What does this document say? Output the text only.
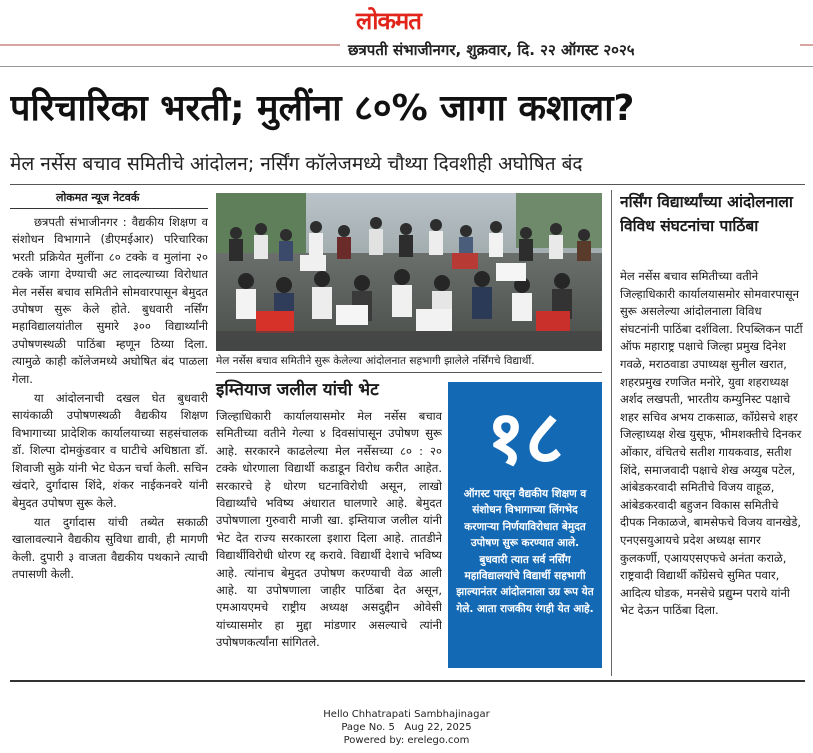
लोकमत
छत्रपती संभाजीनगर, शुक्रवार, दि. २२ ऑगस्ट २०२५
परिचारिका भरती; मुलींना ८०% जागा कशाला?
मेल नर्सेस बचाव समितीचे आंदोलन; नर्सिंग कॉलेजमध्ये चौथ्या दिवशीही अघोषित बंद
लोकमत न्यूज नेटवर्क

छत्रपती संभाजीनगर : वैद्यकीय शिक्षण व संशोधन विभागाने (डीएमईआर) परिचारिका भरती प्रक्रियेत मुलींना ८० टक्के व मुलांना २० टक्के जागा देण्याची अट लादल्याच्या विरोधात मेल नर्सेस बचाव समितीने सोमवारपासून बेमुदत उपोषण सुरू केले होते. बुधवारी नर्सिंग महाविद्यालयांतील सुमारे ३०० विद्यार्थ्यांनी उपोषणस्थळी पाठिंबा म्हणून ठिय्या दिला. त्यामुळे काही कॉलेजमध्ये अघोषित बंद पाळला गेला.

या आंदोलनाची दखल घेत बुधवारी सायंकाळी उपोषणस्थळी वैद्यकीय शिक्षण विभागाच्या प्रादेशिक कार्यालयाच्या सहसंचालक डॉ. शिल्पा दोमकुंडवार व घाटीचे अधिष्ठाता डॉ. शिवाजी सुक्रे यांनी भेट घेऊन चर्चा केली. सचिन खंदारे, दुर्गादास शिंदे, शंकर नाईकनवरे यांनी बेमुदत उपोषण सुरू केले.

यात दुर्गादास यांची तब्येत सकाळी खालावल्याने वैद्यकीय सुविधा द्यावी, ही मागणी केली. दुपारी ३ वाजता वैद्यकीय पथकाने त्याची तपासणी केली.

मेल नर्सेस बचाव समितीने सुरू केलेल्या आंदोलनात सहभागी झालेले नर्सिंगचे विद्यार्थी.
इम्तियाज जलील यांची भेट

जिल्हाधिकारी कार्यालयासमोर मेल नर्सेस बचाव समितीच्या वतीने गेल्या ४ दिवसांपासून उपोषण सुरू आहे. सरकारने काढलेल्या मेल नर्सेसच्या ८० : २० टक्के धोरणाला विद्यार्थी कडाडून विरोध करीत आहेत. सरकारचे हे धोरण घटनाविरोधी असून, लाखो विद्यार्थ्यांचे भविष्य अंधारात घालणारे आहे. बेमुदत उपोषणाला गुरुवारी माजी खा. इम्तियाज जलील यांनी भेट देत राज्य सरकारला इशारा दिला आहे. तातडीने विद्यार्थीविरोधी धोरण रद्द करावे. विद्यार्थी देशाचे भविष्य आहे. त्यांनाच बेमुदत उपोषण करण्याची वेळ आली आहे. या उपोषणाला जाहीर पाठिंबा देत असून, एमआयएमचे राष्ट्रीय अध्यक्ष असदुद्दीन ओवेसी यांच्यासमोर हा मुद्दा मांडणार असल्याचे त्यांनी उपोषणकर्त्यांना सांगितले.

१८
ऑगस्ट पासून वैद्यकीय शिक्षण व संशोधन विभागाच्या लिंगभेद करणाऱ्या निर्णयाविरोधात बेमुदत उपोषण सुरू करण्यात आले. बुधवारी त्यात सर्व नर्सिंग महाविद्यालयांचे विद्यार्थी सहभागी झाल्यानंतर आंदोलनाला उग्र रूप येत गेले. आता राजकीय रंगही येत आहे.
नर्सिंग विद्यार्थ्यांच्या आंदोलनाला विविध संघटनांचा पाठिंबा

मेल नर्सेस बचाव समितीच्या वतीने जिल्हाधिकारी कार्यालयासमोर सोमवारपासून सुरू असलेल्या आंदोलनाला विविध संघटनांनी पाठिंबा दर्शविला. रिपब्लिकन पार्टी ऑफ महाराष्ट्र पक्षाचे जिल्हा प्रमुख दिनेश गवळे, मराठवाडा उपाध्यक्ष सुनील खरात, शहरप्रमुख रणजित मनोरे, युवा शहराध्यक्ष अर्शद लखपती, भारतीय कम्युनिस्ट पक्षाचे शहर सचिव अभय टाकसाळ, काँग्रेसचे शहर जिल्हाध्यक्ष शेख युसूफ, भीमशक्तीचे दिनकर ओंकार, वंचितचे सतीश गायकवाड, सतीश शिंदे, समाजवादी पक्षाचे शेख अय्युब पटेल, आंबेडकरवादी समितीचे विजय वाहूळ, आंबेडकरवादी बहुजन विकास समितीचे दीपक निकाळजे, बामसेफचे विजय वानखेडे, एनएसयुआयचे प्रदेश अध्यक्ष सागर कुलकर्णी, एआयएसएफचे अनंता कराळे, राष्ट्रवादी विद्यार्थी काँग्रेसचे सुमित पवार, आदित्य घोडक, मनसेचे प्रद्युम्न पराये यांनी भेट देऊन पाठिंबा दिला.

Hello Chhatrapati Sambhajinagar
Page No. 5   Aug 22, 2025
Powered by: erelego.com
